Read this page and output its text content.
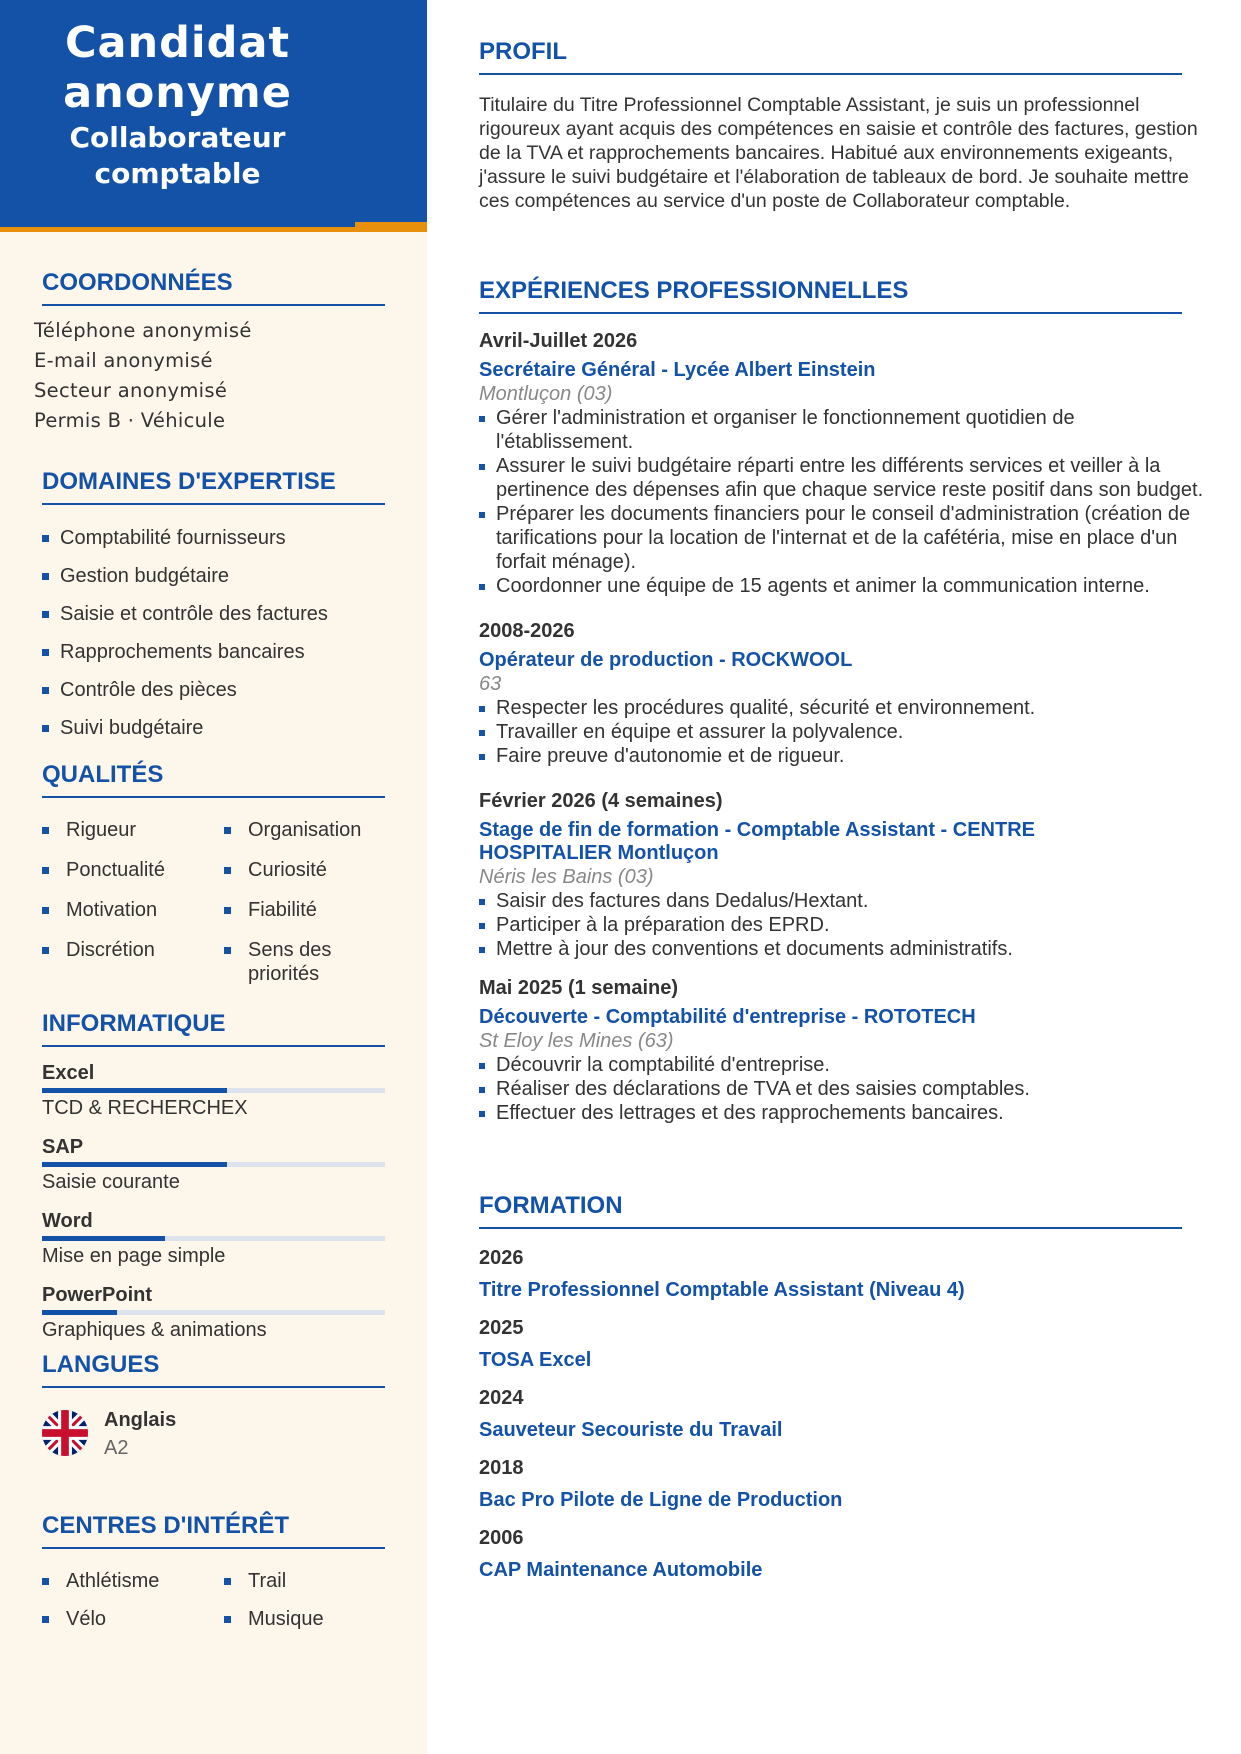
Candidat
anonyme
Collaborateur
comptable
COORDONNÉES
Téléphone anonymisé
E-mail anonymisé
Secteur anonymisé
Permis B · Véhicule
DOMAINES D'EXPERTISE
Comptabilité fournisseurs
Gestion budgétaire
Saisie et contrôle des factures
Rapprochements bancaires
Contrôle des pièces
Suivi budgétaire
QUALITÉS
Rigueur	Organisation
Ponctualité	Curiosité
Motivation	Fiabilité
Discrétion	Sens des priorités
INFORMATIQUE
Excel
TCD & RECHERCHEX
SAP
Saisie courante
Word
Mise en page simple
PowerPoint
Graphiques & animations
LANGUES
Anglais
A2
CENTRES D'INTÉRÊT
Athlétisme	Trail
Vélo	Musique
PROFIL
Titulaire du Titre Professionnel Comptable Assistant, je suis un professionnel rigoureux ayant acquis des compétences en saisie et contrôle des factures, gestion de la TVA et rapprochements bancaires. Habitué aux environnements exigeants, j'assure le suivi budgétaire et l'élaboration de tableaux de bord. Je souhaite mettre ces compétences au service d'un poste de Collaborateur comptable.
EXPÉRIENCES PROFESSIONNELLES
Avril-Juillet 2026
Secrétaire Général - Lycée Albert Einstein
Montluçon (03)
Gérer l'administration et organiser le fonctionnement quotidien de l'établissement.
Assurer le suivi budgétaire réparti entre les différents services et veiller à la pertinence des dépenses afin que chaque service reste positif dans son budget.
Préparer les documents financiers pour le conseil d'administration (création de tarifications pour la location de l'internat et de la cafétéria, mise en place d'un forfait ménage).
Coordonner une équipe de 15 agents et animer la communication interne.
2008-2026
Opérateur de production - ROCKWOOL
63
Respecter les procédures qualité, sécurité et environnement.
Travailler en équipe et assurer la polyvalence.
Faire preuve d'autonomie et de rigueur.
Février 2026 (4 semaines)
Stage de fin de formation - Comptable Assistant - CENTRE HOSPITALIER Montluçon
Néris les Bains (03)
Saisir des factures dans Dedalus/Hextant.
Participer à la préparation des EPRD.
Mettre à jour des conventions et documents administratifs.
Mai 2025 (1 semaine)
Découverte - Comptabilité d'entreprise - ROTOTECH
St Eloy les Mines (63)
Découvrir la comptabilité d'entreprise.
Réaliser des déclarations de TVA et des saisies comptables.
Effectuer des lettrages et des rapprochements bancaires.
FORMATION
2026
Titre Professionnel Comptable Assistant (Niveau 4)
2025
TOSA Excel
2024
Sauveteur Secouriste du Travail
2018
Bac Pro Pilote de Ligne de Production
2006
CAP Maintenance Automobile
